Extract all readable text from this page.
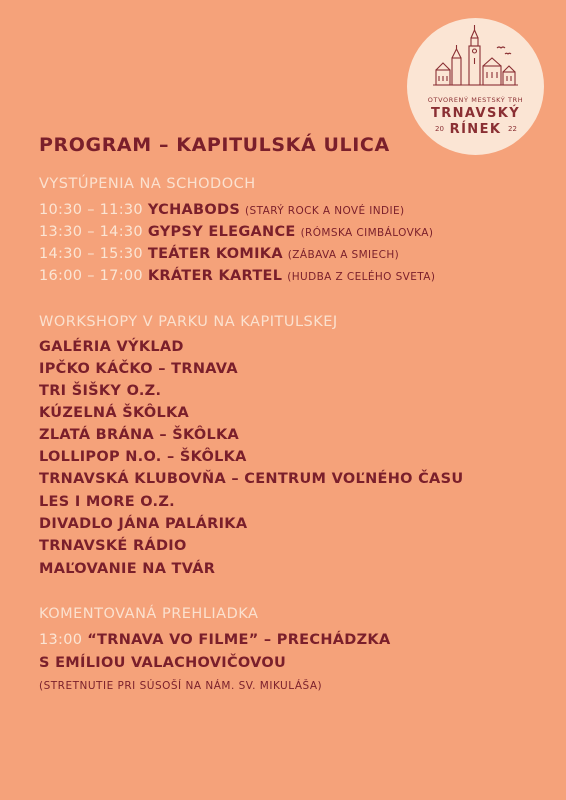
OTVORENÝ MESTSKÝ TRH
TRNAVSKÝ
RÍNEK
20	22
PROGRAM – KAPITULSKÁ ULICA
VYSTÚPENIA NA SCHODOCH
10:30 – 11:30 YCHABODS (STARÝ ROCK A NOVÉ INDIE)
13:30 – 14:30 GYPSY ELEGANCE (RÓMSKA CIMBÁLOVKA)
14:30 – 15:30 TEÁTER KOMIKA (ZÁBAVA A SMIECH)
16:00 – 17:00 KRÁTER KARTEL (HUDBA Z CELÉHO SVETA)
WORKSHOPY V PARKU NA KAPITULSKEJ
GALÉRIA VÝKLAD
IPČKO KÁČKO – TRNAVA
TRI ŠIŠKY O.Z.
KÚZELNÁ ŠKÔLKA
ZLATÁ BRÁNA – ŠKÔLKA
LOLLIPOP N.O. – ŠKÔLKA
TRNAVSKÁ KLUBOVŇA – CENTRUM VOĽNÉHO ČASU
LES I MORE O.Z.
DIVADLO JÁNA PALÁRIKA
TRNAVSKÉ RÁDIO
MAĽOVANIE NA TVÁR
KOMENTOVANÁ PREHLIADKA
13:00 “TRNAVA VO FILME” – PRECHÁDZKA
S EMÍLIOU VALACHOVIČOVOU
(STRETNUTIE PRI SÚSOŠÍ NA NÁM. SV. MIKULÁŠA)
